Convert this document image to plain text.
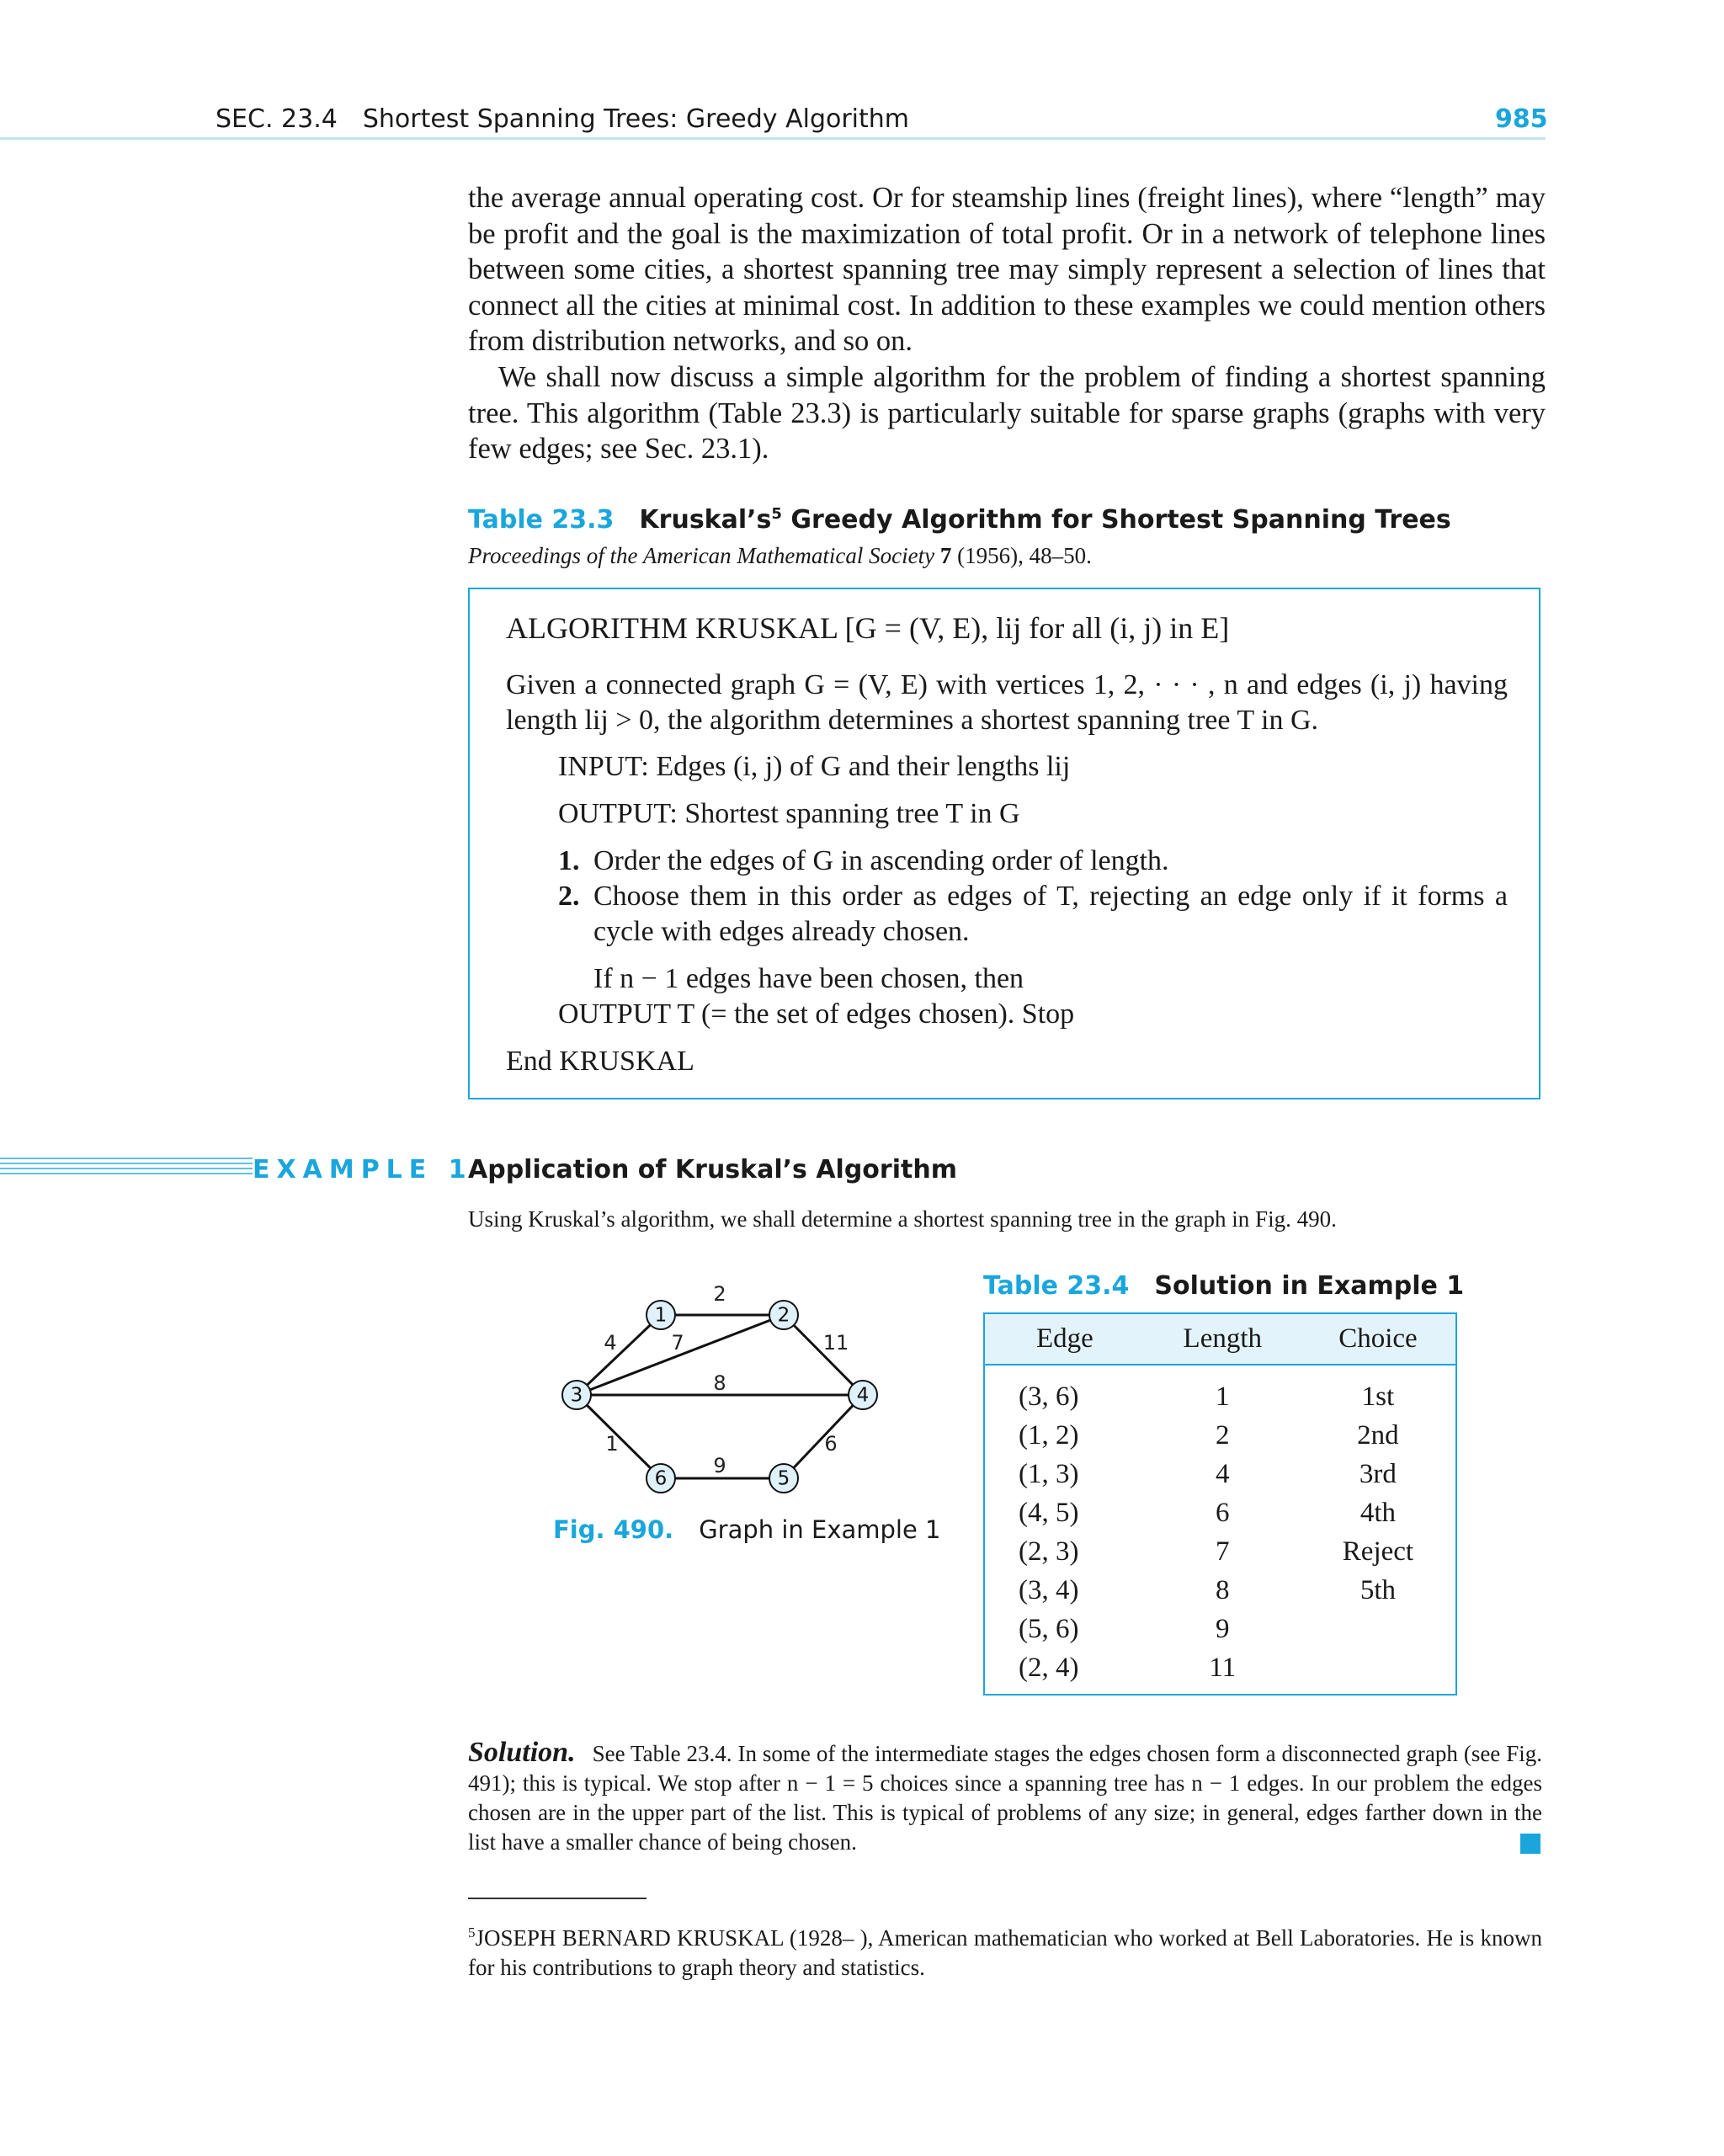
SEC. 23.4 Shortest Spanning Trees: Greedy Algorithm	985

the average annual operating cost. Or for steamship lines (freight lines), where “length” may be profit and the goal is the maximization of total profit. Or in a network of telephone lines between some cities, a shortest spanning tree may simply represent a selection of lines that connect all the cities at minimal cost. In addition to these examples we could mention others from distribution networks, and so on.

We shall now discuss a simple algorithm for the problem of finding a shortest spanning tree. This algorithm (Table 23.3) is particularly suitable for sparse graphs (graphs with very few edges; see Sec. 23.1).

Table 23.3 $Kruskal’s^5$ Greedy Algorithm for Shortest Spanning Trees
Proceedings of the American Mathematical Society 7 (1956), 48–50.
ALGORITHM KRUSKAL [G = (V, E), lij for all (i, j) in E]
Given a connected graph G = (V, E) with vertices 1, 2, · · · , n and edges (i, j) having length lij > 0, the algorithm determines a shortest spanning tree T in G.
INPUT: Edges (i, j) of G and their lengths lij
OUTPUT: Shortest spanning tree T in G
1. Order the edges of G in ascending order of length.
2. Choose them in this order as edges of T, rejecting an edge only if it forms a cycle with edges already chosen.
If n − 1 edges have been chosen, then
OUTPUT T (= the set of edges chosen). Stop
End KRUSKAL
EXAMPLE 1
Application of Kruskal’s Algorithm
Using Kruskal’s algorithm, we shall determine a shortest spanning tree in the graph in Fig. 490.
2
4	7	11
8
1	6
9
1	2
3	4
5
6
Fig. 490. Graph in Example 1
Table 23.4 Solution in Example 1
Edge	Length	Choice
(3, 6)	1	1st
(1, 2)	2	2nd
(1, 3)	4	3rd
(4, 5)	6	4th
(2, 3)	7	Reject
(3, 4)	8	5th
(5, 6)	9	
(2, 4)	11	

Solution. See Table 23.4. In some of the intermediate stages the edges chosen form a disconnected graph (see Fig. 491); this is typical. We stop after n − 1 = 5 choices since a spanning tree has n − 1 edges. In our problem the edges chosen are in the upper part of the list. This is typical of problems of any size; in general, edges farther down in the list have a smaller chance of being chosen.

$^5$JOSEPH BERNARD KRUSKAL (1928– ), American mathematician who worked at Bell Laboratories. He is known for his contributions to graph theory and statistics.
